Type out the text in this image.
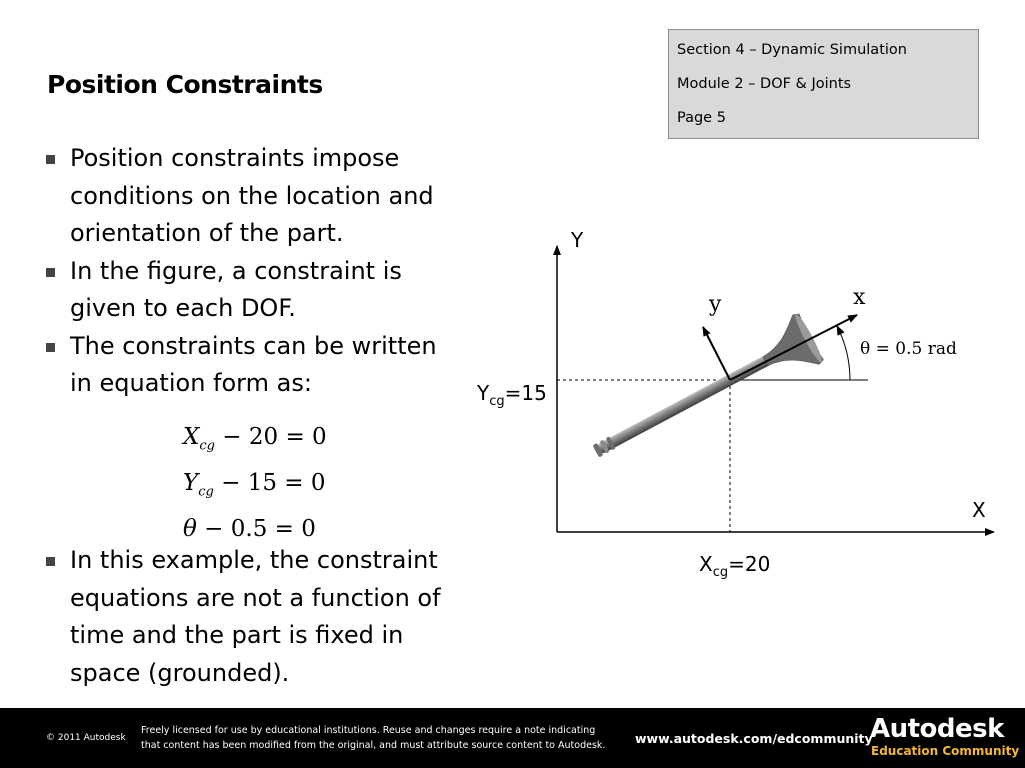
Position Constraints
Section 4 – Dynamic Simulation
Module 2 – DOF & Joints
Page 5
Position constraints impose
conditions on the location and
orientation of the part.
In the figure, a constraint is
given to each DOF.
The constraints can be written
in equation form as:
$X_{cg} - 20 = 0$
$Y_{cg} - 15 = 0$
θ − 0.5 = 0
In this example, the constraint
equations are not a function of
time and the part is fixed in
space (grounded).
Y
X
y	x
θ = 0.5 rad
$Y_{cg}=15$
$X_{cg}=20$
© 2011 Autodesk
Freely licensed for use by educational institutions. Reuse and changes require a note indicating
that content has been modified from the original, and must attribute source content to Autodesk.	www.autodesk.com/edcommunity
Autodesk
Education Community
